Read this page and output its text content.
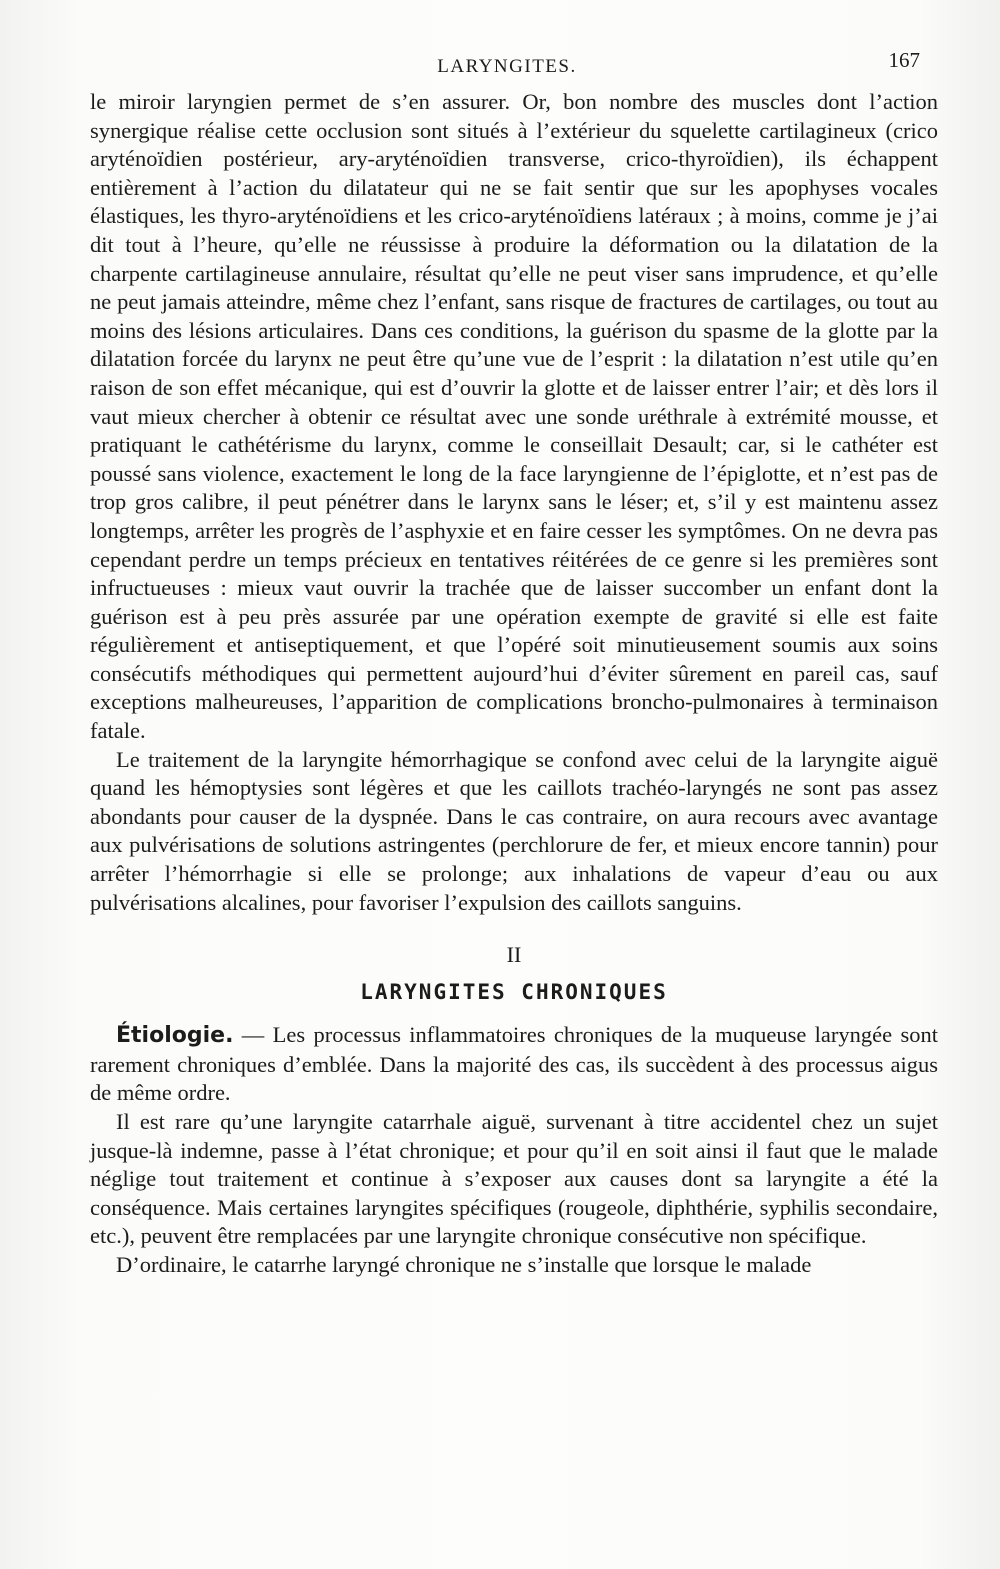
LARYNGITES.	167

le miroir laryngien permet de s’en assurer. Or, bon nombre des muscles dont l’action synergique réalise cette occlusion sont situés à l’extérieur du squelette cartilagineux (crico aryténoïdien postérieur, ary-aryténoïdien transverse, crico-thyroïdien), ils échappent entièrement à l’action du dilatateur qui ne se fait sentir que sur les apophyses vocales élastiques, les thyro-aryténoïdiens et les crico-aryténoïdiens latéraux ; à moins, comme je j’ai dit tout à l’heure, qu’elle ne réussisse à produire la déformation ou la dilatation de la charpente cartilagineuse annulaire, résultat qu’elle ne peut viser sans imprudence, et qu’elle ne peut jamais atteindre, même chez l’enfant, sans risque de fractures de cartilages, ou tout au moins des lésions articulaires. Dans ces conditions, la guérison du spasme de la glotte par la dilatation forcée du larynx ne peut être qu’une vue de l’esprit : la dilatation n’est utile qu’en raison de son effet mécanique, qui est d’ouvrir la glotte et de laisser entrer l’air; et dès lors il vaut mieux chercher à obtenir ce résultat avec une sonde uréthrale à extrémité mousse, et pratiquant le cathétérisme du larynx, comme le conseillait Desault; car, si le cathéter est poussé sans violence, exactement le long de la face laryngienne de l’épiglotte, et n’est pas de trop gros calibre, il peut pénétrer dans le larynx sans le léser; et, s’il y est maintenu assez longtemps, arrêter les progrès de l’asphyxie et en faire cesser les symptômes. On ne devra pas cependant perdre un temps précieux en tentatives réitérées de ce genre si les premières sont infructueuses : mieux vaut ouvrir la trachée que de laisser succomber un enfant dont la guérison est à peu près assurée par une opération exempte de gravité si elle est faite régulièrement et antiseptiquement, et que l’opéré soit minutieusement soumis aux soins consécutifs méthodiques qui permettent aujourd’hui d’éviter sûrement en pareil cas, sauf exceptions malheureuses, l’apparition de complications broncho-pulmonaires à terminaison fatale.

Le traitement de la laryngite hémorrhagique se confond avec celui de la laryngite aiguë quand les hémoptysies sont légères et que les caillots trachéo-laryngés ne sont pas assez abondants pour causer de la dyspnée. Dans le cas contraire, on aura recours avec avantage aux pulvérisations de solutions astringentes (perchlorure de fer, et mieux encore tannin) pour arrêter l’hémorrhagie si elle se prolonge; aux inhalations de vapeur d’eau ou aux pulvérisations alcalines, pour favoriser l’expulsion des caillots sanguins.

II
LARYNGITES CHRONIQUES

Étiologie. — Les processus inflammatoires chroniques de la muqueuse laryngée sont rarement chroniques d’emblée. Dans la majorité des cas, ils succèdent à des processus aigus de même ordre.

Il est rare qu’une laryngite catarrhale aiguë, survenant à titre accidentel chez un sujet jusque-là indemne, passe à l’état chronique; et pour qu’il en soit ainsi il faut que le malade néglige tout traitement et continue à s’exposer aux causes dont sa laryngite a été la conséquence. Mais certaines laryngites spécifiques (rougeole, diphthérie, syphilis secondaire, etc.), peuvent être remplacées par une laryngite chronique consécutive non spécifique.

D’ordinaire, le catarrhe laryngé chronique ne s’installe que lorsque le malade
